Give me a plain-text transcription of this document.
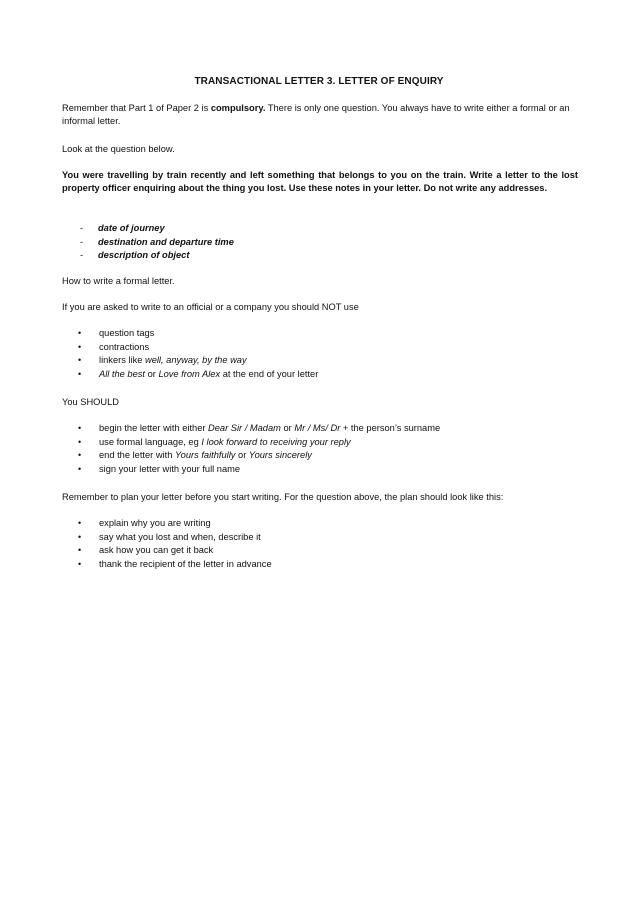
TRANSACTIONAL LETTER 3. LETTER OF ENQUIRY
Remember that Part 1 of Paper 2 is compulsory. There is only one question. You always have to write either a formal or an informal letter.
Look at the question below.
You were travelling by train recently and left something that belongs to you on the train. Write a letter to the lost property officer enquiring about the thing you lost. Use these notes in your letter. Do not write any addresses.
- date of journey
- destination and departure time
- description of object
How to write a formal letter.
If you are asked to write to an official or a company you should NOT use
• question tags
• contractions
• linkers like well, anyway, by the way
• All the best or Love from Alex at the end of your letter
You SHOULD
• begin the letter with either Dear Sir / Madam or Mr / Ms/ Dr + the person’s surname
• use formal language, eg I look forward to receiving your reply
• end the letter with Yours faithfully or Yours sincerely
• sign your letter with your full name
Remember to plan your letter before you start writing. For the question above, the plan should look like this:
• explain why you are writing
• say what you lost and when, describe it
• ask how you can get it back
• thank the recipient of the letter in advance
